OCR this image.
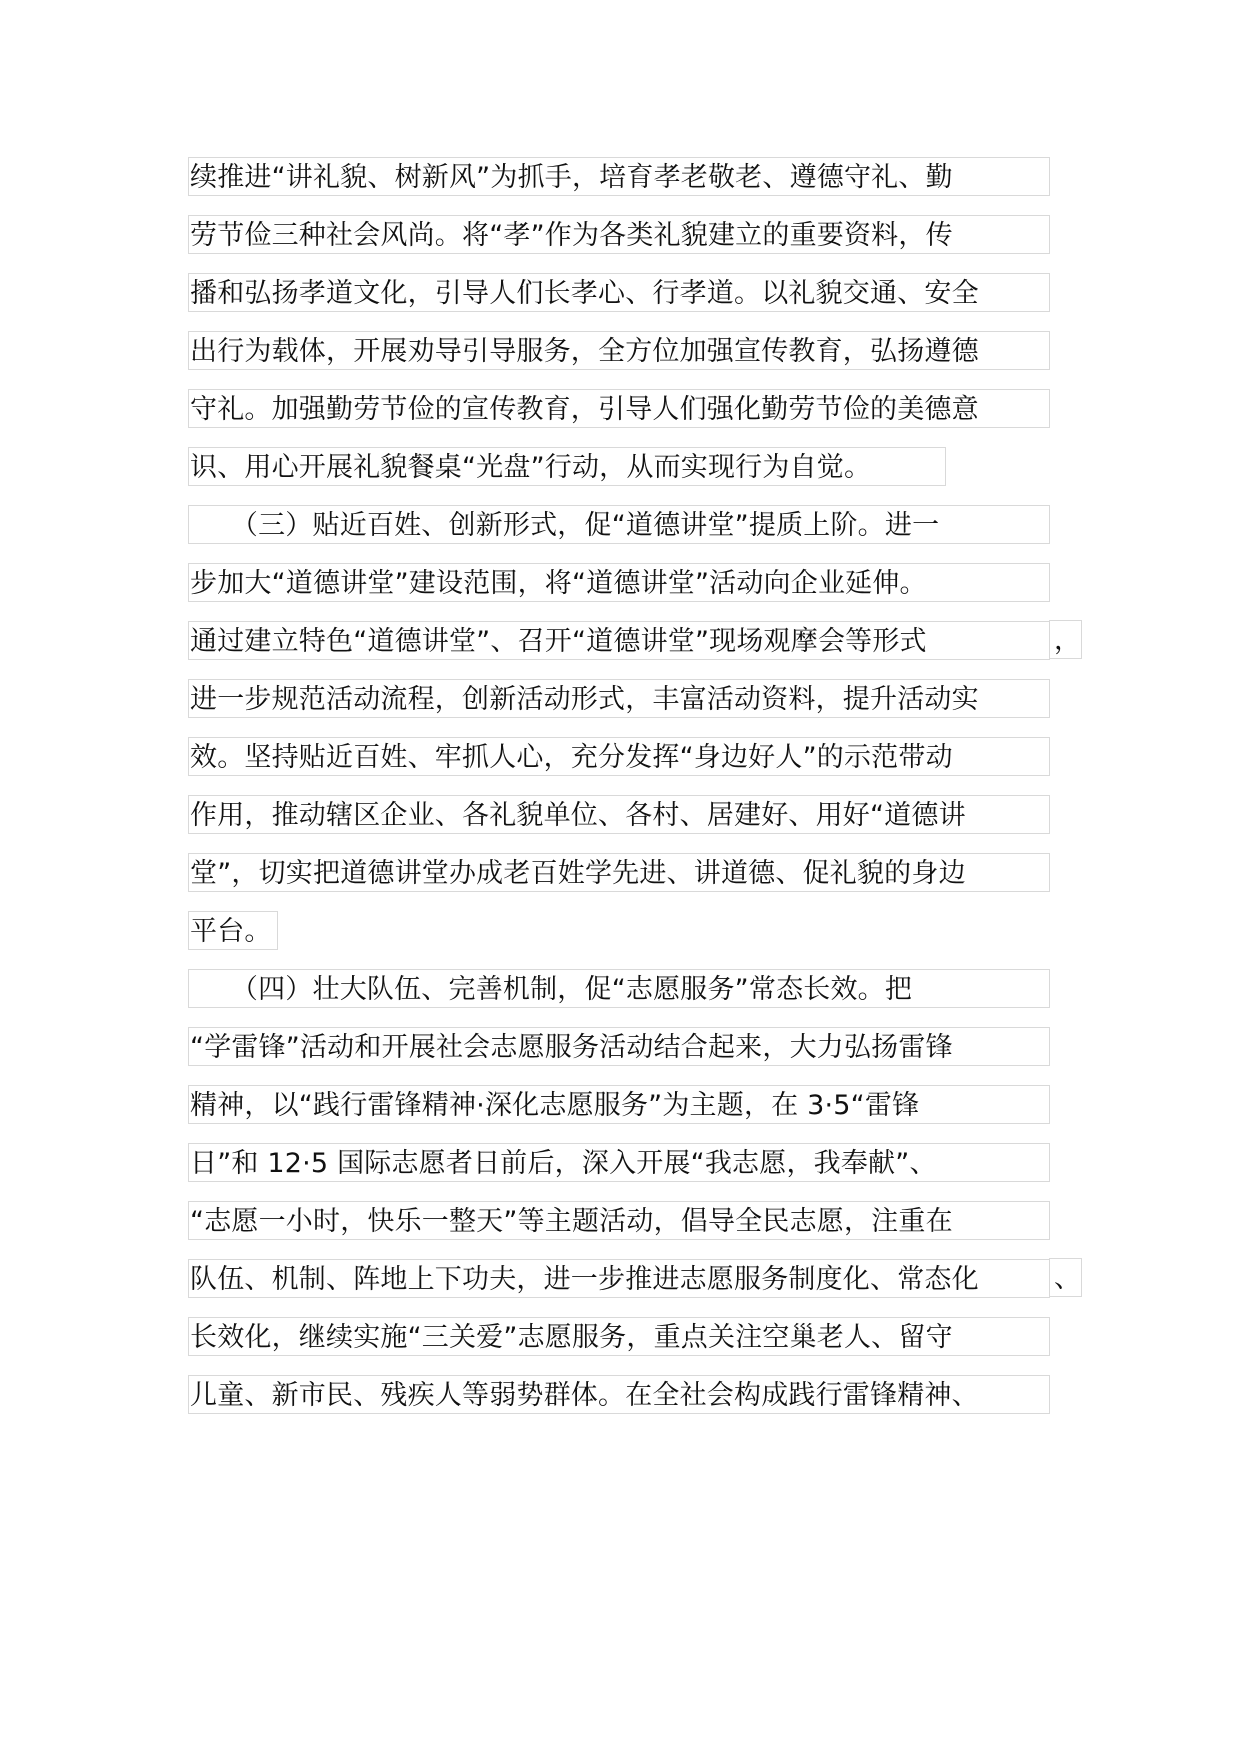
续推进“讲礼貌、树新风”为抓手，培育孝老敬老、遵德守礼、勤
劳节俭三种社会风尚。将“孝”作为各类礼貌建立的重要资料，传
播和弘扬孝道文化，引导人们长孝心、行孝道。以礼貌交通、安全
出行为载体，开展劝导引导服务，全方位加强宣传教育，弘扬遵德
守礼。加强勤劳节俭的宣传教育，引导人们强化勤劳节俭的美德意
识、用心开展礼貌餐桌“光盘”行动，从而实现行为自觉。
　　（三）贴近百姓、创新形式，促“道德讲堂”提质上阶。进一
步加大“道德讲堂”建设范围，将“道德讲堂”活动向企业延伸。
通过建立特色“道德讲堂”、召开“道德讲堂”现场观摩会等形式	，
进一步规范活动流程，创新活动形式，丰富活动资料，提升活动实
效。坚持贴近百姓、牢抓人心，充分发挥“身边好人”的示范带动
作用，推动辖区企业、各礼貌单位、各村、居建好、用好“道德讲
堂”，切实把道德讲堂办成老百姓学先进、讲道德、促礼貌的身边
平台。
　　（四）壮大队伍、完善机制，促“志愿服务”常态长效。把
“学雷锋”活动和开展社会志愿服务活动结合起来，大力弘扬雷锋
精神，以“践行雷锋精神·深化志愿服务”为主题，在 3·5“雷锋
日”和 12·5 国际志愿者日前后，深入开展“我志愿，我奉献”、
“志愿一小时，快乐一整天”等主题活动，倡导全民志愿，注重在
队伍、机制、阵地上下功夫，进一步推进志愿服务制度化、常态化	、
长效化，继续实施“三关爱”志愿服务，重点关注空巢老人、留守
儿童、新市民、残疾人等弱势群体。在全社会构成践行雷锋精神、
